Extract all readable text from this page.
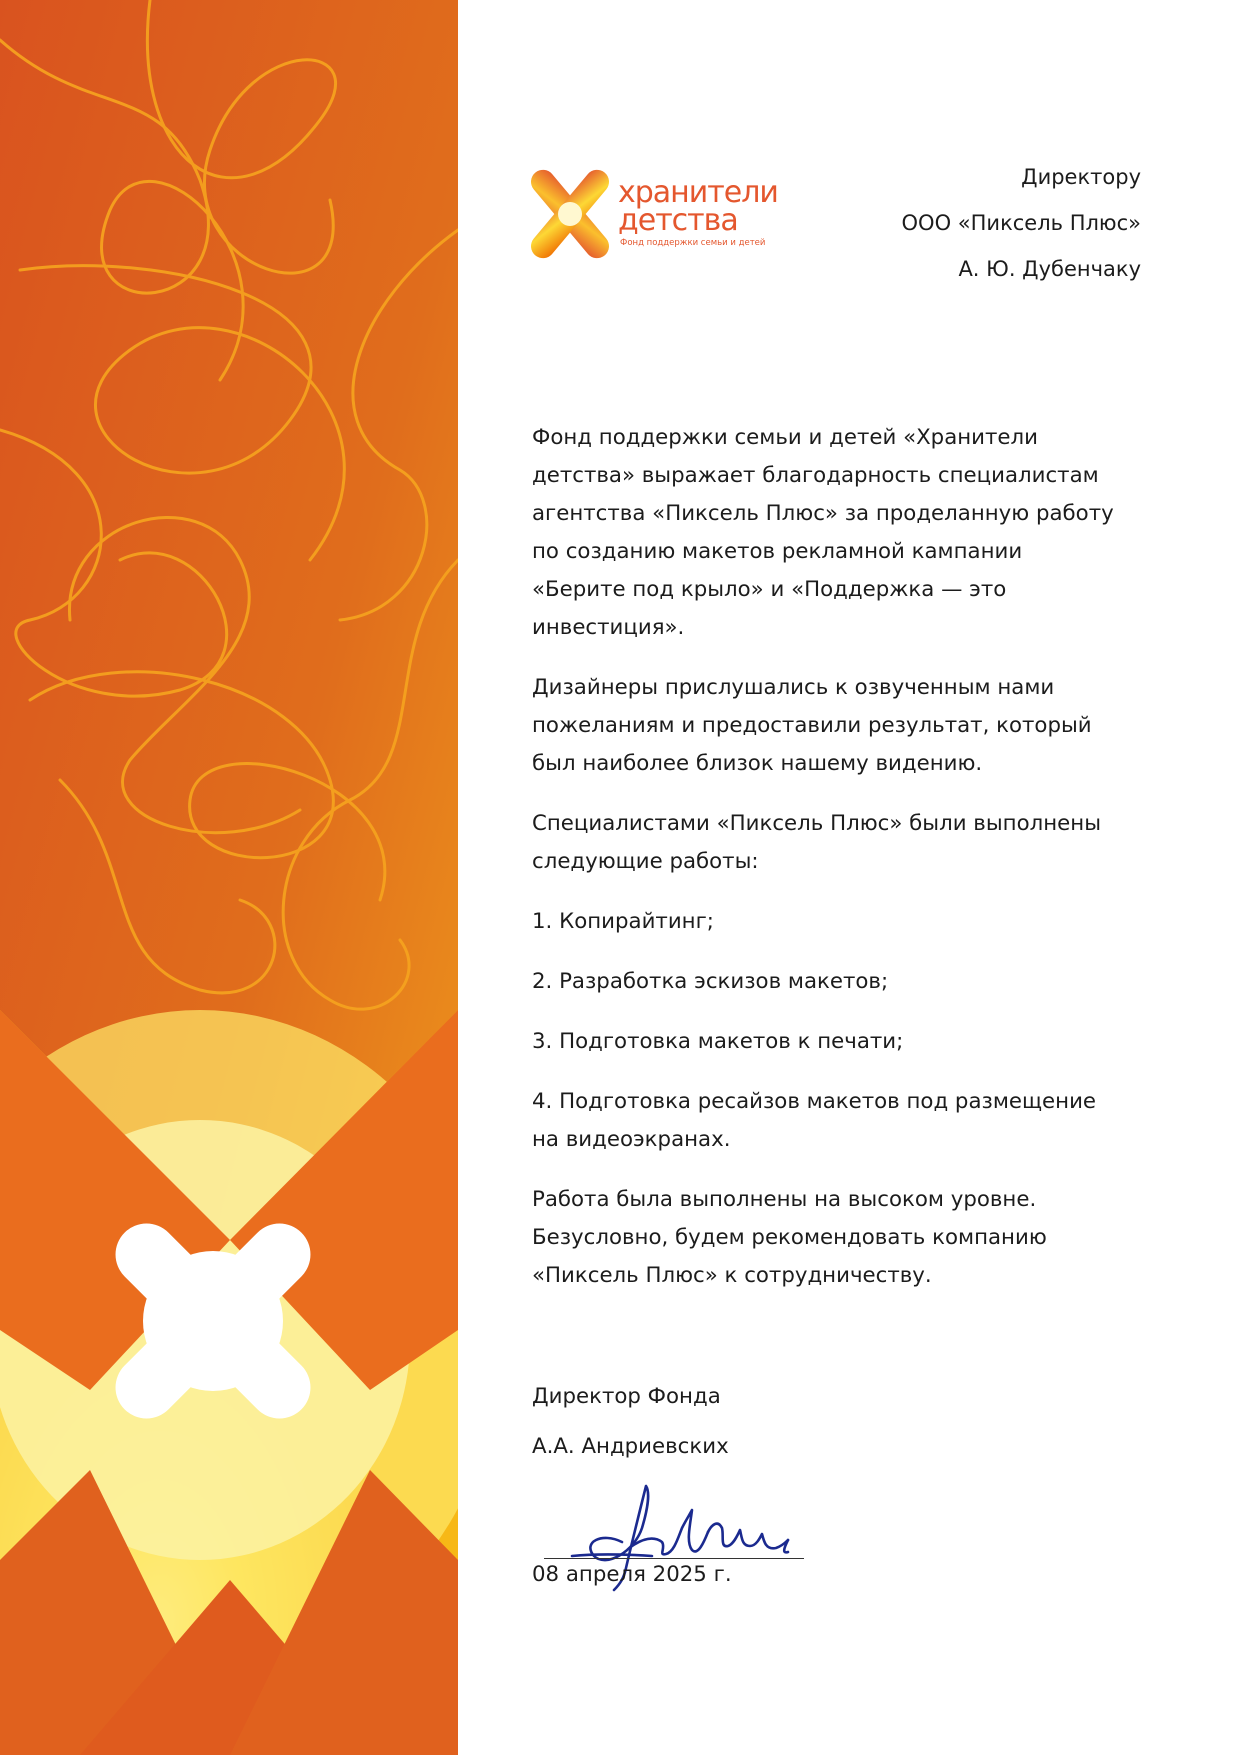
хранители
детства
Фонд поддержки семьи и детей
Директору
ООО «Пиксель Плюс»
А. Ю. Дубенчаку

Фонд поддержки семьи и детей «Хранители
детства» выражает благодарность специалистам
агентства «Пиксель Плюс» за проделанную работу
по созданию макетов рекламной кампании
«Берите под крыло» и «Поддержка — это
инвестиция».

Дизайнеры прислушались к озвученным нами
пожеланиям и предоставили результат, который
был наиболее близок нашему видению.

Специалистами «Пиксель Плюс» были выполнены
следующие работы:

1. Копирайтинг;

2. Разработка эскизов макетов;

3. Подготовка макетов к печати;

4. Подготовка ресайзов макетов под размещение
на видеоэкранах.

Работа была выполнены на высоком уровне.
Безусловно, будем рекомендовать компанию
«Пиксель Плюс» к сотрудничеству.

Директор Фонда
А.А. Андриевских
08 апреля 2025 г.
